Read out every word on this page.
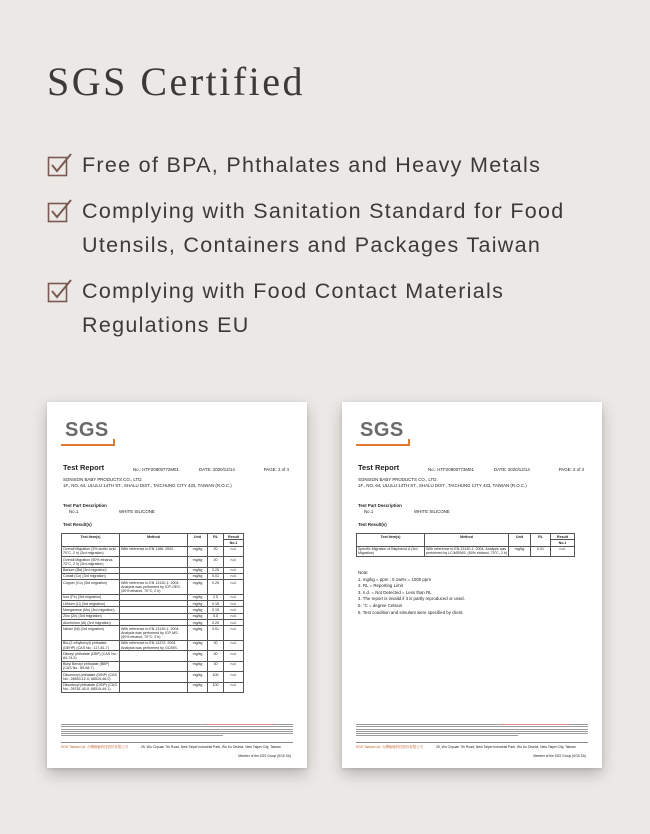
SGS Certified
Free of BPA, Phthalates and Heavy Metals
Complying with Sanitation Standard for Food
Utensils, Containers and Packages Taiwan
Complying with Food Contact Materials
Regulations EU
SGS
Test Report	No.: HTF20800772M01	DATE: 2020/12/14	PAGE: 2 of 4
SONISON BABY PRODUCTS CO., LTD.
1F., NO. 64, ULULU 14TH ST., SHALU DIST., TAICHUNG CITY 433, TAIWAN (R.O.C.)
Test Part Description
No.1	WHITE SILICONE
Test Result(s)
Test Item(s)	Method	Unit	RL	Result
				No.1
Overall Migration (3% acetic acid, 70°C, 2 h) (3rd migration)	With reference to EN 1186: 2002.	mg/kg	20	n.d.
Overall Migration (50% ethanol, 70°C, 2 h) (3rd migration)		mg/kg	20	n.d.
Barium (Ba) (3rd migration)		mg/kg	0.25	n.d.
Cobalt (Co) (3rd migration)		mg/kg	0.01	n.d.
Copper (Cu) (3rd migration)	With reference to EN 13130-1: 2004. Analysis was performed by ICP-OES. (50% ethanol, 70°C, 2 h)	mg/kg	0.25	n.d.
Iron (Fe) (3rd migration)		mg/kg	2.5	n.d.
Lithium (Li) (3rd migration)		mg/kg	0.15	n.d.
Manganese (Mn) (3rd migration)		mg/kg	0.15	n.d.
Zinc (Zn) (3rd migration)		mg/kg	0.5	n.d.
Aluminium (Al) (3rd migration)		mg/kg	0.25	n.d.
Nickel (Ni) (3rd migration)	With reference to EN 13130-1: 2004. Analysis was performed by ICP-MS. (50% ethanol, 70°C, 2 h)	mg/kg	0.01	n.d.
Bis-(2-ethylhexyl) phthalate (DEHP) (CAS No.: 117-81-7)	With reference to EN 14372: 2004. Analysis was performed by GC/MS.	mg/kg	30	n.d.
Dibutyl phthalate (DBP) (CAS No.: 84-74-2)		mg/kg	30	n.d.
Butyl Benzyl phthalate (BBP) (CAS No.: 85-68-7)		mg/kg	30	n.d.
Diisononyl phthalate (DINP) (CAS No.: 28553-12-0; 68515-48-0)		mg/kg	100	n.d.
Diisodecyl phthalate (DIDP) (CAS No.: 26761-40-0; 68515-49-1)		mg/kg	100	n.d.
SGS Taiwan Ltd. 台灣檢驗科技股份有限公司	25, Wu Chyuan 7th Road, New Taipei Industrial Park, Wu Ku District, New Taipei City, Taiwan
Member of the SGS Group (SGS SA)
SGS
Test Report	No.: HTF20800773M01	DATE: 2020/12/14	PAGE: 2 of 3
SONISON BABY PRODUCTS CO., LTD.
1F., NO. 64, ULULU 14TH ST., SHALU DIST., TAICHUNG CITY 433, TAIWAN (R.O.C.)
Test Part Description
No.1	WHITE SILICONE
Test Result(s)
Test Item(s)	Method	Unit	RL	Result
				No.1
Specific Migration of Bisphenol A (3rd Migration)	With reference to EN 13130-1: 2004. Analysis was performed by LC/MS/MS. (50% ethanol, 70°C, 2 h)	mg/kg	0.01	n.d.
Note:
1. mg/kg = ppm ; 0.1wt% = 1000 ppm
2. RL = Reporting Limit
3. n.d. = Not Detected = Less than RL
4. The report is invalid if it is partly reproduced or used.
5. °C = degree Celsius
6. Test condition and simulant were specified by client.
SGS Taiwan Ltd. 台灣檢驗科技股份有限公司	25, Wu Chyuan 7th Road, New Taipei Industrial Park, Wu Ku District, New Taipei City, Taiwan
Member of the SGS Group (SGS SA)
